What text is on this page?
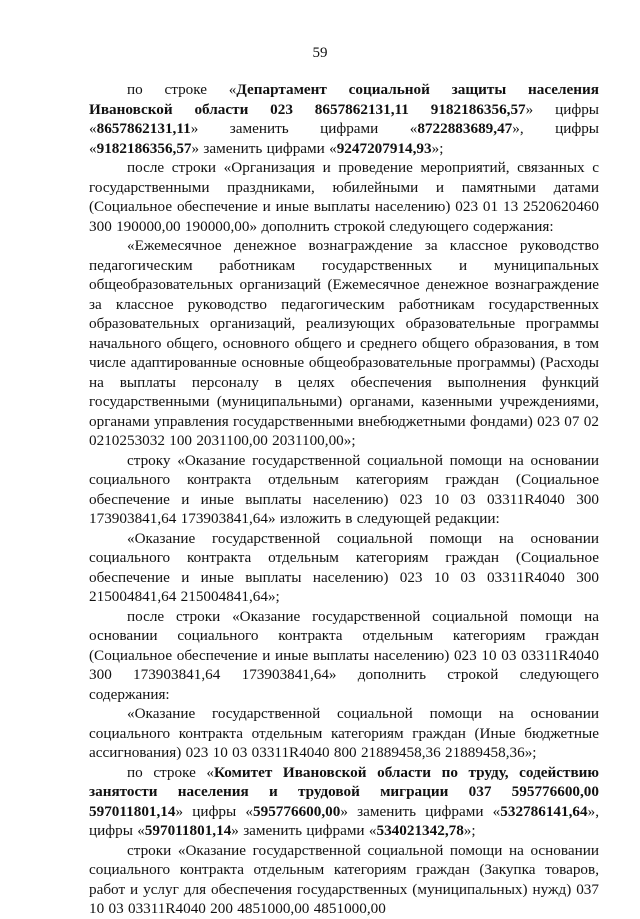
59

по строке «Департамент социальной защиты населения Ивановской области 023 8657862131,11 9182186356,57» цифры «8657862131,11» заменить цифрами «8722883689,47», цифры «9182186356,57» заменить цифрами «9247207914,93»;

после строки «Организация и проведение мероприятий, связанных с государственными праздниками, юбилейными и памятными датами (Социальное обеспечение и иные выплаты населению) 023 01 13 2520620460 300 190000,00 190000,00» дополнить строкой следующего содержания:

«Ежемесячное денежное вознаграждение за классное руководство педагогическим работникам государственных и муниципальных общеобразовательных организаций (Ежемесячное денежное вознаграждение за классное руководство педагогическим работникам государственных образовательных организаций, реализующих образовательные программы начального общего, основного общего и среднего общего образования, в том числе адаптированные основные общеобразовательные программы) (Расходы на выплаты персоналу в целях обеспечения выполнения функций государственными (муниципальными) органами, казенными учреждениями, органами управления государственными внебюджетными фондами) 023 07 02 0210253032 100 2031100,00 2031100,00»;

строку «Оказание государственной социальной помощи на основании социального контракта отдельным категориям граждан (Социальное обеспечение и иные выплаты населению) 023 10 03 03311R4040 300 173903841,64 173903841,64» изложить в следующей редакции:

«Оказание государственной социальной помощи на основании социального контракта отдельным категориям граждан (Социальное обеспечение и иные выплаты населению) 023 10 03 03311R4040 300 215004841,64 215004841,64»;

после строки «Оказание государственной социальной помощи на основании социального контракта отдельным категориям граждан (Социальное обеспечение и иные выплаты населению) 023 10 03 03311R4040 300 173903841,64 173903841,64» дополнить строкой следующего содержания:

«Оказание государственной социальной помощи на основании социального контракта отдельным категориям граждан (Иные бюджетные ассигнования) 023 10 03 03311R4040 800 21889458,36 21889458,36»;

по строке «Комитет Ивановской области по труду, содействию занятости населения и трудовой миграции 037 595776600,00 597011801,14» цифры «595776600,00» заменить цифрами «532786141,64», цифры «597011801,14» заменить цифрами «534021342,78»;

строки «Оказание государственной социальной помощи на основании социального контракта отдельным категориям граждан (Закупка товаров, работ и услуг для обеспечения государственных (муниципальных) нужд) 037 10 03 03311R4040 200 4851000,00 4851000,00
